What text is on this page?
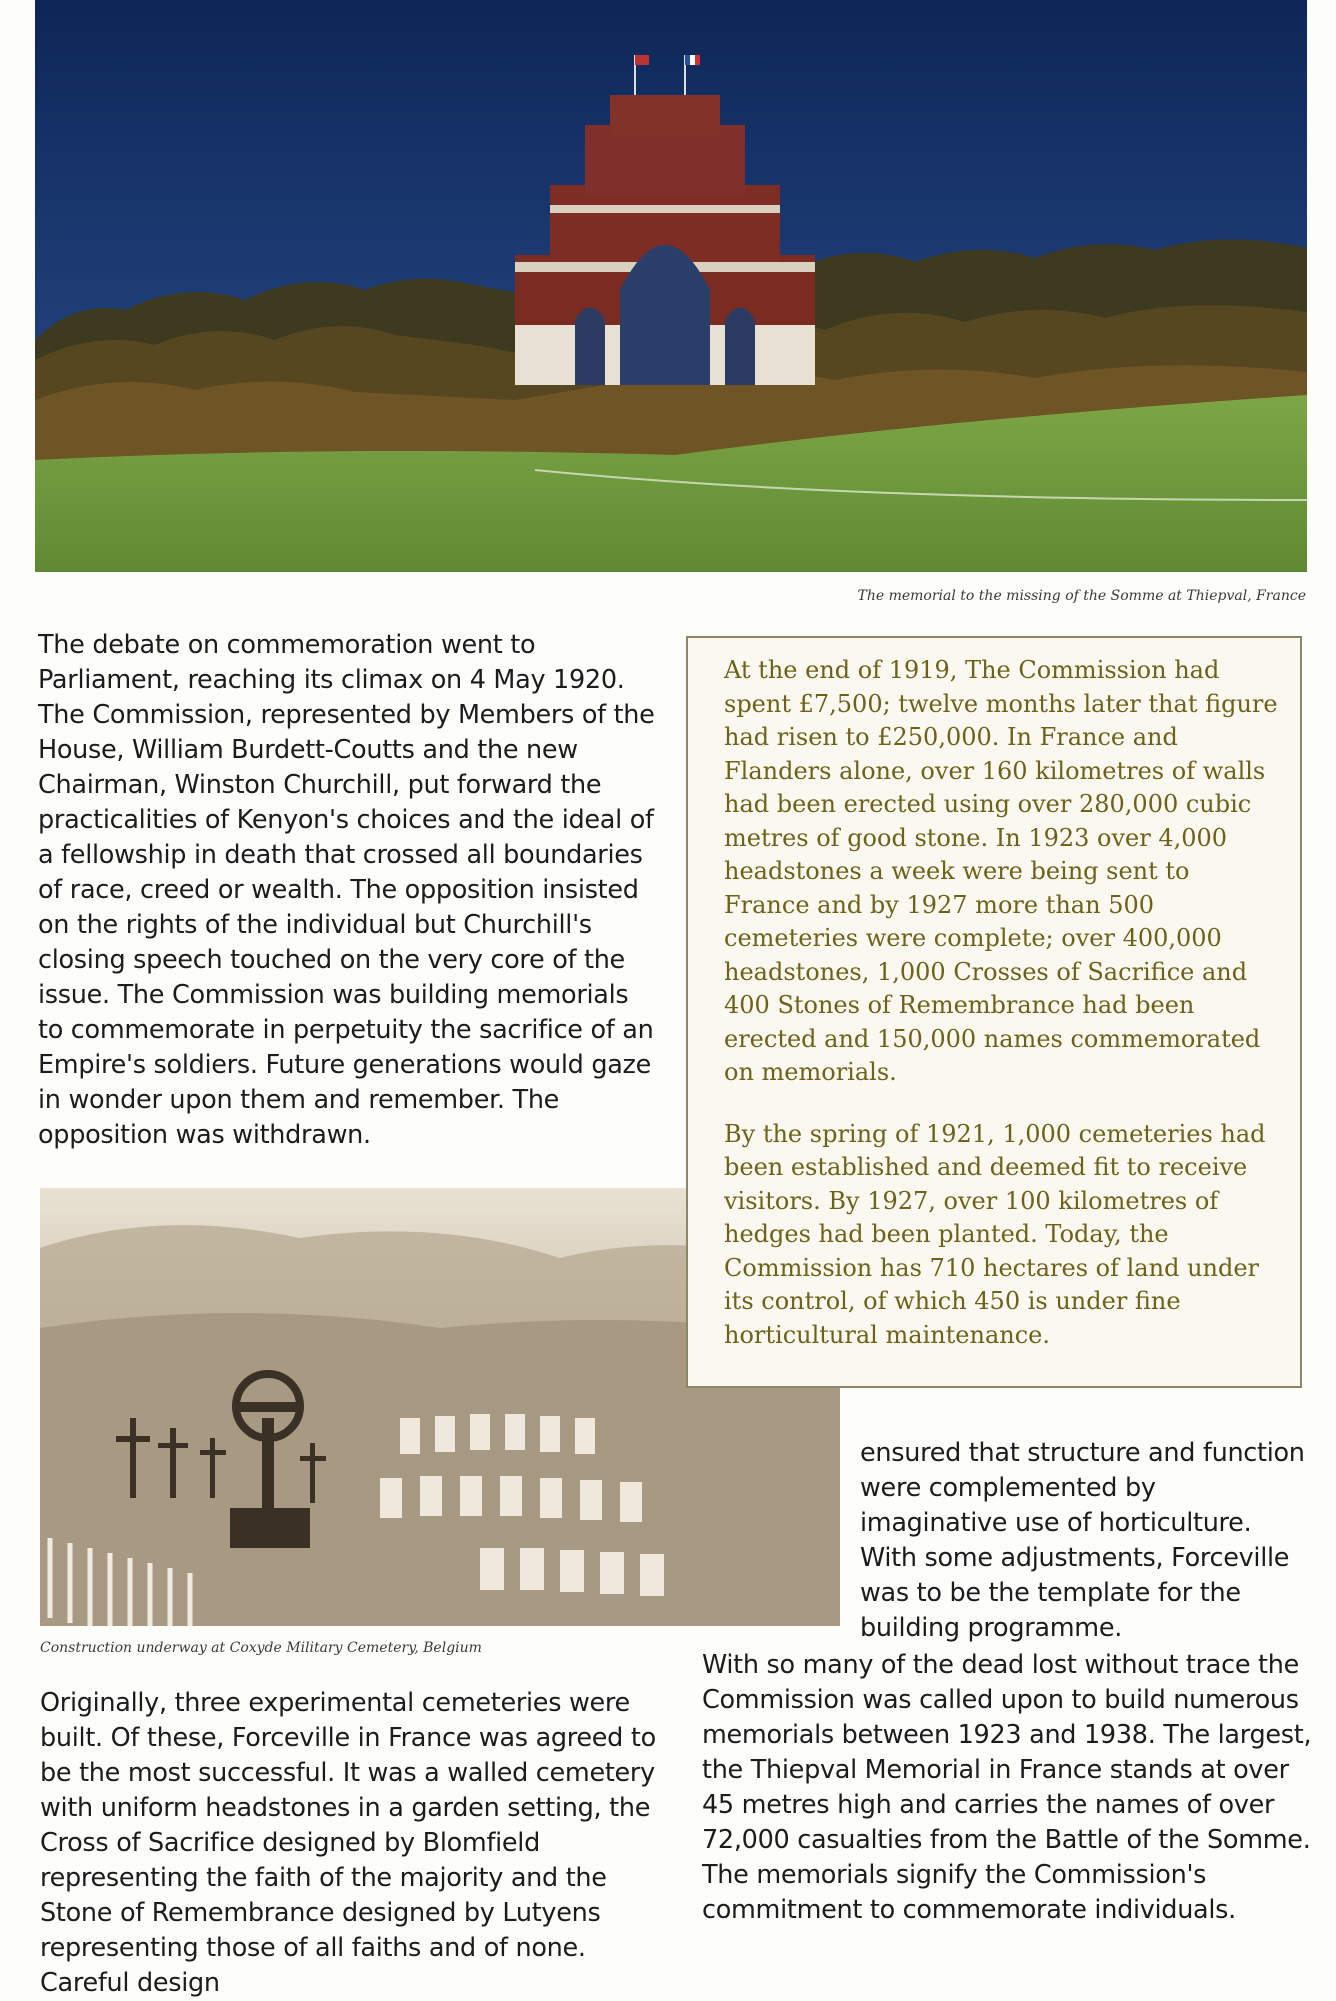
The memorial to the missing of the Somme at Thiepval, France
The debate on commemoration went to Parliament, reaching its climax on 4 May 1920. The Commission, represented by Members of the House, William Burdett-Coutts and the new Chairman, Winston Churchill, put forward the practicalities of Kenyon's choices and the ideal of a fellowship in death that crossed all boundaries of race, creed or wealth. The opposition insisted on the rights of the individual but Churchill's closing speech touched on the very core of the issue. The Commission was building memorials to commemorate in perpetuity the sacrifice of an Empire's soldiers. Future generations would gaze in wonder upon them and remember. The opposition was withdrawn.

At the end of 1919, The Commission had spent £7,500; twelve months later that figure had risen to £250,000. In France and Flanders alone, over 160 kilometres of walls had been erected using over 280,000 cubic metres of good stone. In 1923 over 4,000 headstones a week were being sent to France and by 1927 more than 500 cemeteries were complete; over 400,000 headstones, 1,000 Crosses of Sacrifice and 400 Stones of Remembrance had been erected and 150,000 names commemorated on memorials.

By the spring of 1921, 1,000 cemeteries had been established and deemed fit to receive visitors. By 1927, over 100 kilometres of hedges had been planted. Today, the Commission has 710 hectares of land under its control, of which 450 is under fine horticultural maintenance.

Construction underway at Coxyde Military Cemetery, Belgium
ensured that structure and function were complemented by imaginative use of horticulture. With some adjustments, Forceville was to be the template for the building programme.
Originally, three experimental cemeteries were built. Of these, Forceville in France was agreed to be the most successful. It was a walled cemetery with uniform headstones in a garden setting, the Cross of Sacrifice designed by Blomfield representing the faith of the majority and the Stone of Remembrance designed by Lutyens representing those of all faiths and of none. Careful design
With so many of the dead lost without trace the Commission was called upon to build numerous memorials between 1923 and 1938. The largest, the Thiepval Memorial in France stands at over 45 metres high and carries the names of over 72,000 casualties from the Battle of the Somme. The memorials signify the Commission's commitment to commemorate individuals.
